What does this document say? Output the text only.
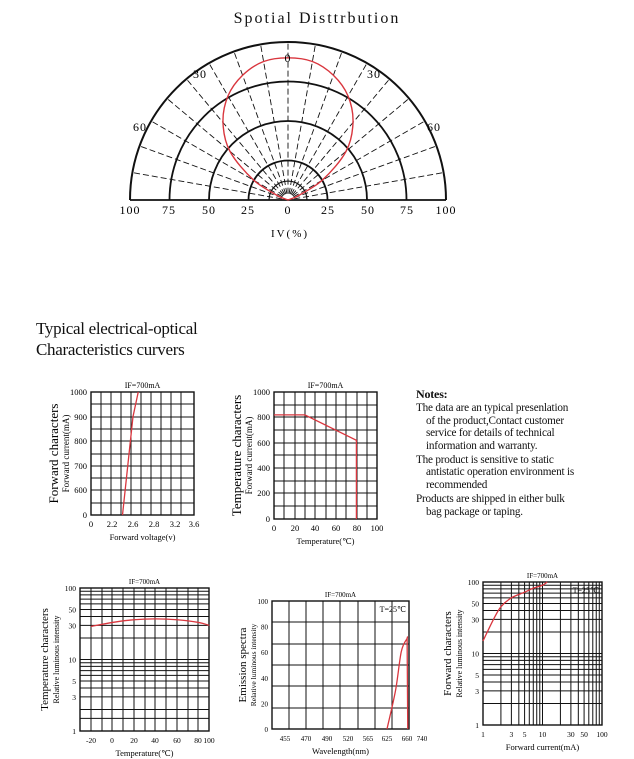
Spotial Disttrbution
0
30	30
60	60
100 75 50 25 0 25 50 75 100
IV(%)
Typical electrical-optical
Characteristics curvers
Notes:
The data are an typical presenlation
of the product,Contact customer
service for details of technical
information and warranty.
The product is sensitive to static
antistatic operation environment is
recommended
Products are shipped in either bulk
bag package or taping.
IF=700mA
0 2.2 2.6 2.8 3.2 3.6
0
600
700
800
900
1000
Forward voltage(v)
Forward characters Forward current(mA)
IF=700mA
0 20 40 60 80 100
0
200
400
600
800
1000
Temperature(℃)
Temperature characters Forward current(mA)
IF=700mA
-20 0 20 40 60 80 100
1
3
5
10
30
50
100
Temperature(℃)
Temperature characters Relative luminous intensity
IF=700mA
T=25℃
455 470 490 520 565 625 660 740
0
20
40
60
80
100
Wavelength(nm)
Emission spectra Relative luminous intensity
IF=700mA
T=25℃
1	3 5 10	30 50 100
1
3
5
10
30
50
100
Forward current(mA)
Forward characters Relative luminous intensity
